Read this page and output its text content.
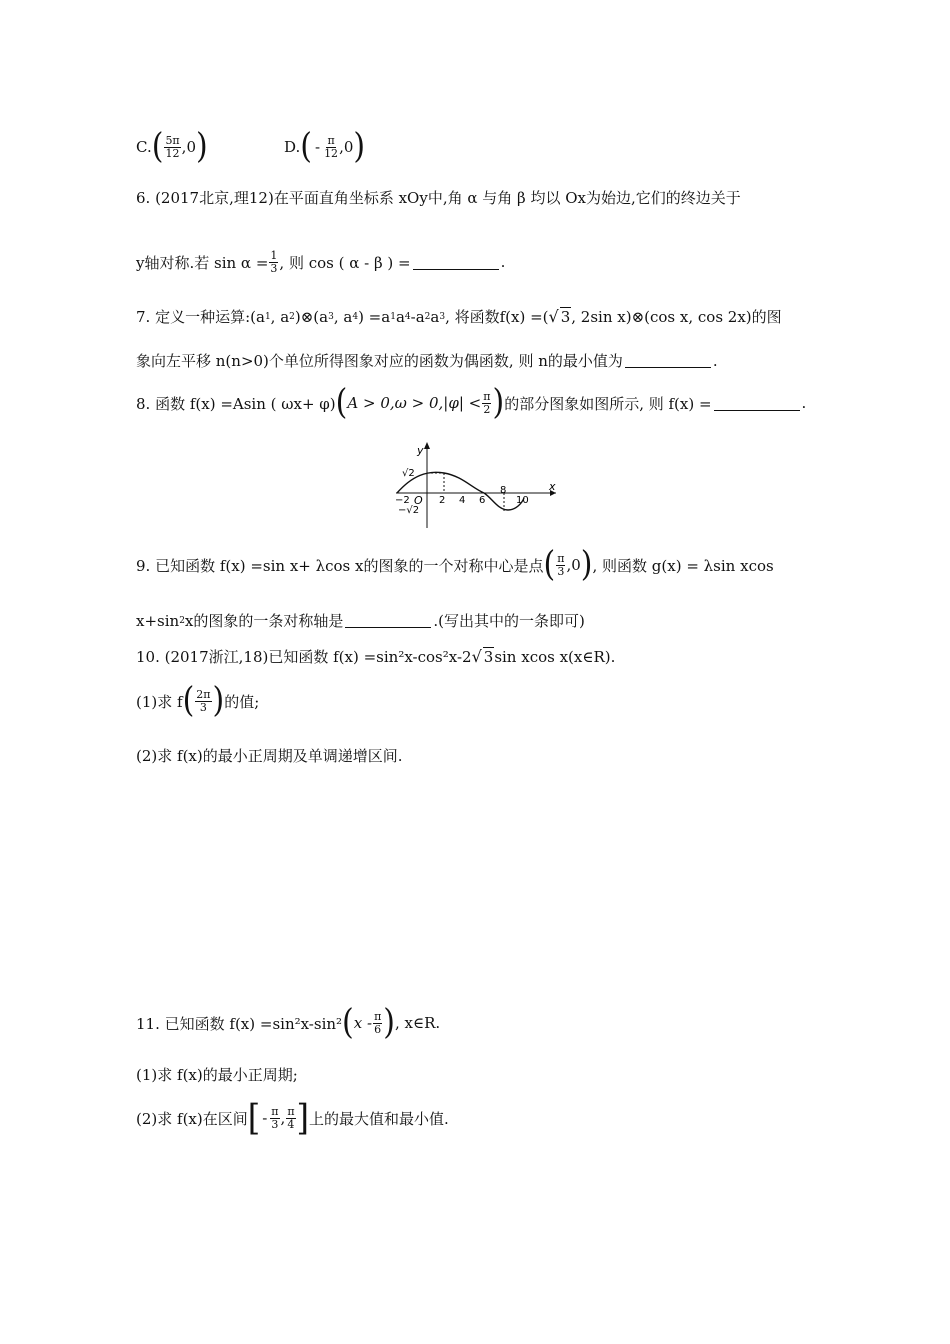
C. ( $\frac{5\pi}{12}$ , 0 )	D. ( - $\frac{\pi}{12}$ , 0 )
6. (2017北京,理12)在平面直角坐标系 xOy中,角 α 与角 β 均以 Ox为始边,它们的终边关于
y轴对称.若 $\sin \alpha = \frac{1}{3}$ , 则 cos ( α - β ) =	.
7. 定义一种运算:(a 1 , a 2 )⊗(a 3 , a 4 ) =a 1 a 4 -a 2 a 3 , 将函数 f(x) =( √ 3 , 2sin x)⊗(cos x, cos 2x)的图
象向左平移 n(n>0)个单位所得图象对应的函数为偶函数, 则 n的最小值为	.
8. 函数 f(x) =Asin ( ωx+ φ) ( $A > 0,\omega > 0,|\varphi| < \frac{\pi}{2}$ ) 的部分图象如图所示, 则 f(x) =	.
y
x
O
−2	2 4 6
8
10
√2
−√2
9. 已知函数 f(x) =sin x+ λcos x的图象的一个对称中心是点 ( $\frac{\pi}{3}$ , 0 ) , 则函数 g(x) = λsin xcos
x+sin 2 x的图象的一条对称轴是	.(写出其中的一条即可)
10. (2017浙江,18)已知函数 f(x) =sin²x-cos²x-2 √ 3 sin xcos x(x∈R).
(1)求 f ( $\frac{2\pi}{3}$ ) 的值;
(2)求 f(x)的最小正周期及单调递增区间.
11. 已知函数 f(x) =sin²x-sin² ( x - $\frac{\pi}{6}$ ) , x∈R.
(1)求 f(x)的最小正周期;
(2)求 f(x)在区间 [ - $\frac{\pi}{3}$ , $\frac{\pi}{4}$ ] 上的最大值和最小值.
